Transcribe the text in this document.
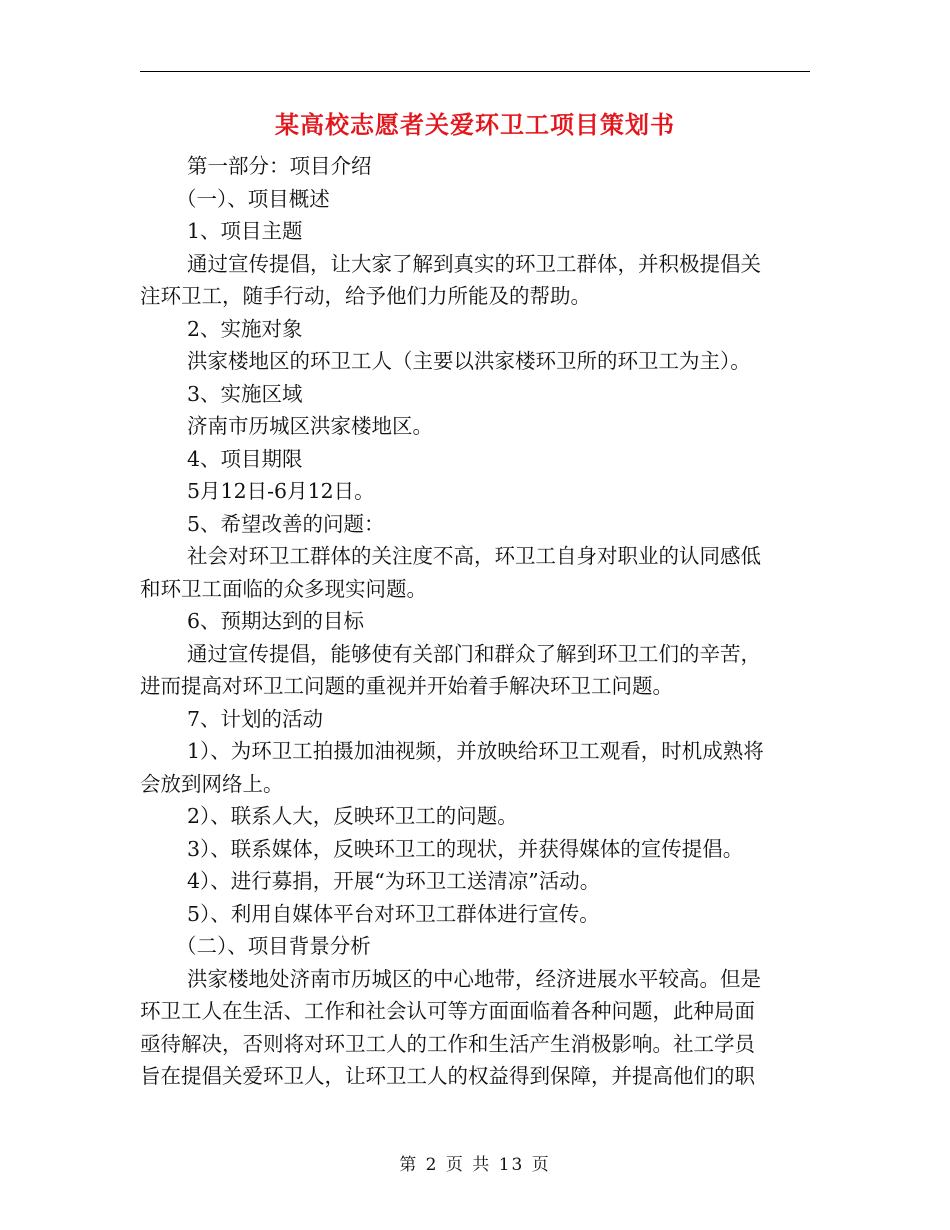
某高校志愿者关爱环卫工项目策划书
第一部分：项目介绍
（一）、项目概述
1、项目主题
通过宣传提倡，让大家了解到真实的环卫工群体，并积极提倡关
注环卫工，随手行动，给予他们力所能及的帮助。
2、实施对象
洪家楼地区的环卫工人（主要以洪家楼环卫所的环卫工为主）。
3、实施区域
济南市历城区洪家楼地区。
4、项目期限
5月12日-6月12日。
5、希望改善的问题：
社会对环卫工群体的关注度不高，环卫工自身对职业的认同感低
和环卫工面临的众多现实问题。
6、预期达到的目标
通过宣传提倡，能够使有关部门和群众了解到环卫工们的辛苦，
进而提高对环卫工问题的重视并开始着手解决环卫工问题。
7、计划的活动
1）、为环卫工拍摄加油视频，并放映给环卫工观看，时机成熟将
会放到网络上。
2）、联系人大，反映环卫工的问题。
3）、联系媒体，反映环卫工的现状，并获得媒体的宣传提倡。
4）、进行募捐，开展“为环卫工送清凉”活动。
5）、利用自媒体平台对环卫工群体进行宣传。
（二）、项目背景分析
洪家楼地处济南市历城区的中心地带，经济进展水平较高。但是
环卫工人在生活、工作和社会认可等方面面临着各种问题，此种局面
亟待解决，否则将对环卫工人的工作和生活产生消极影响。社工学员
旨在提倡关爱环卫人，让环卫工人的权益得到保障，并提高他们的职
第 2 页 共 13 页
